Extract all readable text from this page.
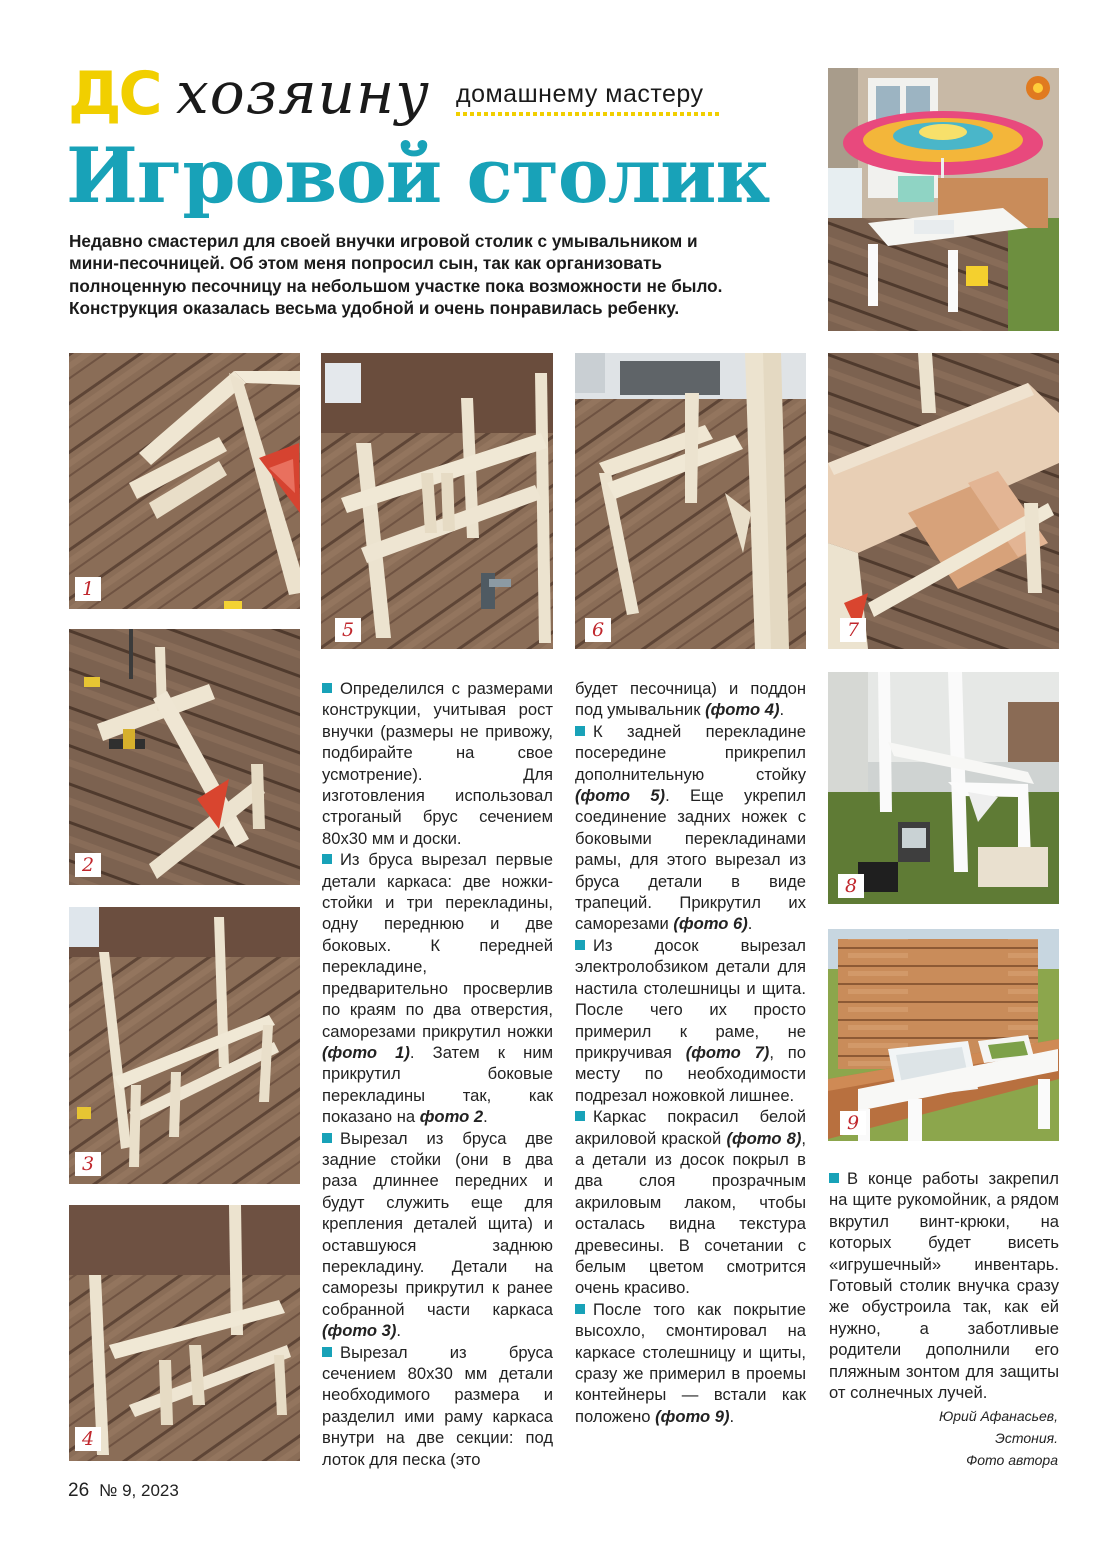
ДС хозяину домашнему мастеру
Игровой столик
Недавно смастерил для своей внучки игровой столик с умывальником и мини-песочницей. Об этом меня попросил сын, так как организовать полноценную песочницу на небольшом участке пока возможности не было. Конструкция оказалась весьма удобной и очень понравилась ребенку.
1
2
3
4
5	6	7
8
9

Определился с размерами конструкции, учитывая рост внучки (размеры не привожу, подбирайте на свое усмотрение). Для изготовления использовал строганый брус сечением 80х30 мм и доски.

Из бруса вырезал первые детали каркаса: две ножки-стойки и три перекладины, одну переднюю и две боковых. К передней перекладине, предварительно просверлив по краям по два отверстия, саморезами прикрутил ножки (фото 1). Затем к ним прикрутил боковые перекладины так, как показано на фото 2.

Вырезал из бруса две задние стойки (они в два раза длиннее передних и будут служить еще для крепления деталей щита) и оставшуюся заднюю перекладину. Детали на саморезы прикрутил к ранее собранной части каркаса (фото 3).

Вырезал из бруса сечением 80х30 мм детали необходимого размера и разделил ими раму каркаса внутри на две секции: под лоток для песка (это

будет песочница) и поддон под умывальник (фото 4).

К задней перекладине посередине прикрепил дополнительную стойку (фото 5). Еще укрепил соединение задних ножек с боковыми перекладинами рамы, для этого вырезал из бруса детали в виде трапеций. Прикрутил их саморезами (фото 6).

Из досок вырезал электролобзиком детали для настила столешницы и щита. После чего их просто примерил к раме, не прикручивая (фото 7), по месту по необходимости подрезал ножовкой лишнее.

Каркас покрасил белой акриловой краской (фото 8), а детали из досок покрыл в два слоя прозрачным акриловым лаком, чтобы осталась видна текстура древесины. В сочетании с белым цветом смотрится очень красиво.

После того как покрытие высохло, смонтировал на каркасе столешницу и щиты, сразу же примерил в проемы контейнеры — встали как положено (фото 9).

В конце работы закрепил на щите рукомойник, а рядом вкрутил винт-крюки, на которых будет висеть «игрушечный» инвентарь. Готовый столик внучка сразу же обустроила так, как ей нужно, а заботливые родители дополнили его пляжным зонтом для защиты от солнечных лучей.

Юрий Афанасьев,
Эстония.
Фото автора
26 № 9, 2023
